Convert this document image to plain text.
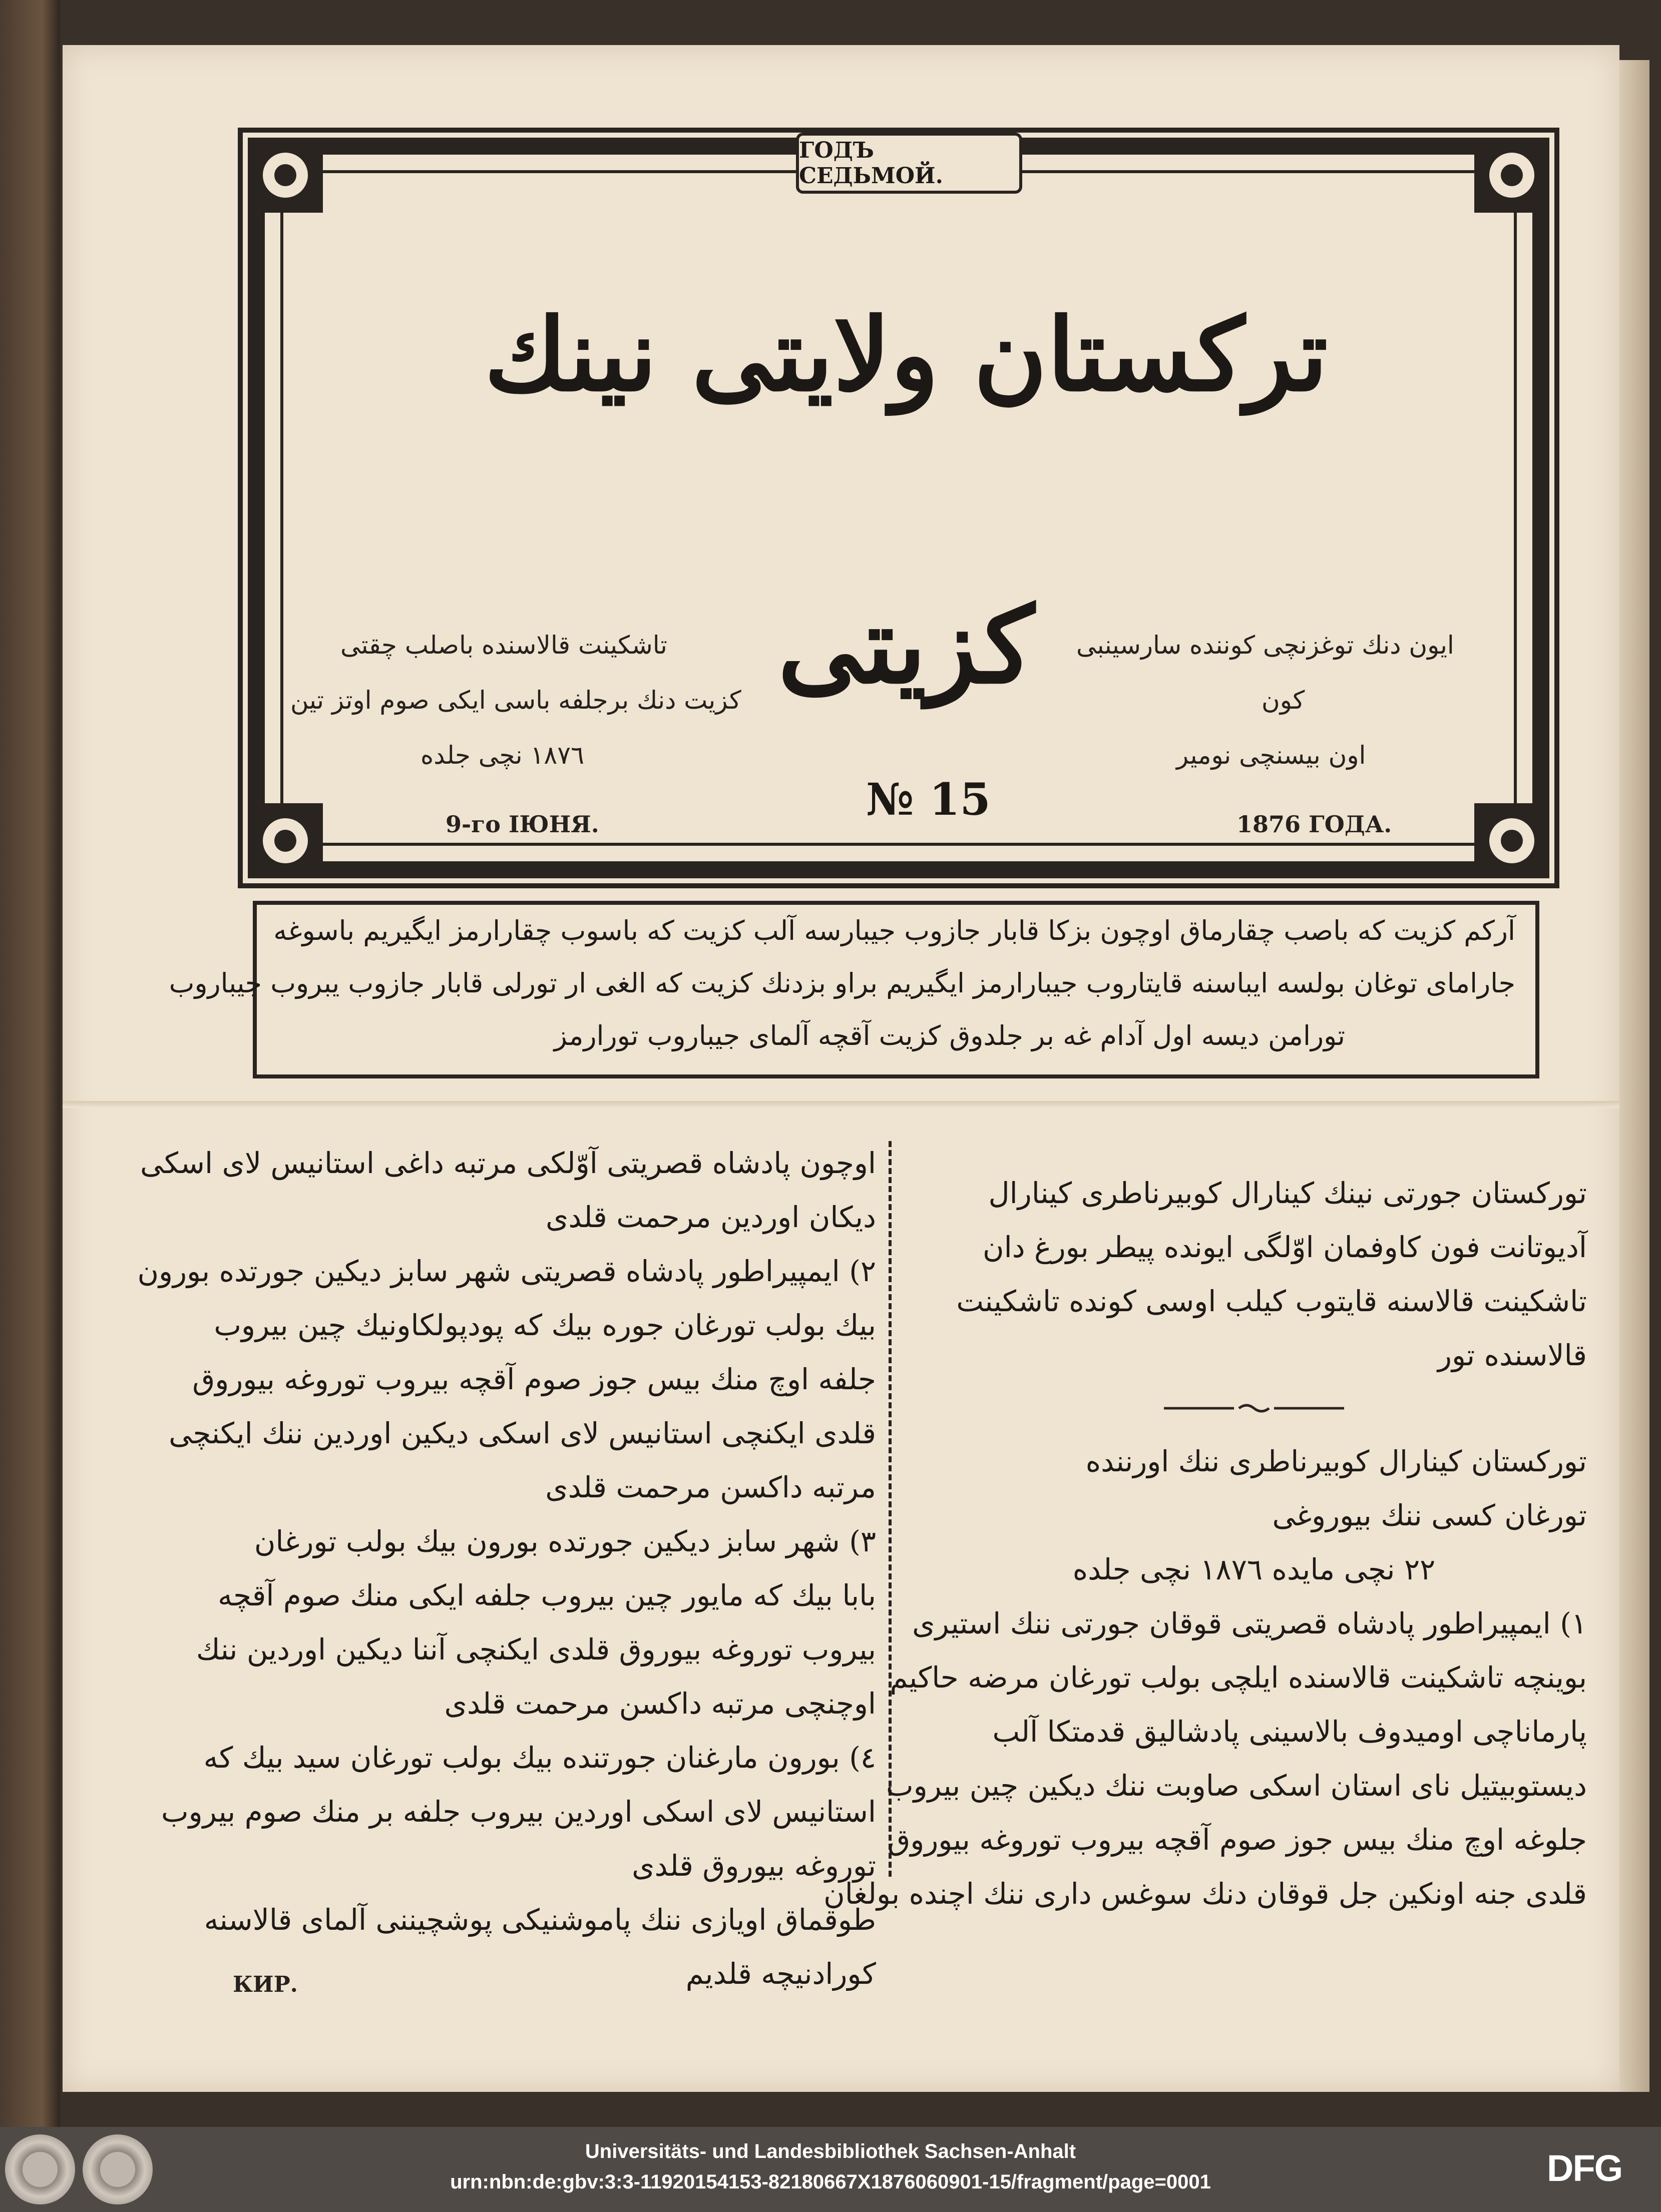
ГОДЪ СЕДЬМОЙ.
تركستان ولايتى نينك
كزيتى	ايون دنك توغزنچى كوننده سارسينبى
كون
اون بيسنچى نومير
تاشكينت قالاسنده باصلب چقتى
كزيت دنك برجلفه باسى ايكى صوم اوتز تين
١٨٧٦ نچى جلده
9-го ІЮНЯ.	№ 15	1876 ГОДА.
آركم كزيت كه باصب چقارماق اوچون بزكا قابار جازوب جيبارسه آلب كزيت كه باسوب چقارارمز ايگيريم باسوغه
جارامای توغان بولسه ايباسنه قايتاروب جيبارارمز ايگيريم براو بزدنك كزيت كه الغى ار تورلى قابار جازوب يبروب جيباروب
تورامن ديسه اول آدام غه بر جلدوق كزيت آقچه آلماى جيباروب تورارمز
توركستان جورتى نينك كينارال كوبيرناطرى كينارال
آديوتانت فون كاوفمان اوّلگى ايونده پيطر بورغ دان
تاشكينت قالاسنه قايتوب كيلب اوسى كونده تاشكينت
قالاسنده تور
توركستان كينارال كوبيرناطرى ننك اورننده
تورغان كسى ننك بيوروغى
٢٢ نچى مايده ١٨٧٦ نچى جلده
١) ايمپيراطور پادشاه قصريتى قوقان جورتى ننك استيرى
بوينچه تاشكينت قالاسنده ايلچى بولب تورغان مرضه حاكيم
پارماناچى اوميدوف بالاسينى پادشاليق قدمتكا آلب
ديستوبيتيل نای استان اسكى صاوبت ننك ديكين چين بيروب
جلوغه اوچ منك بيس جوز صوم آقچه بيروب توروغه بيوروق
قلدى جنه اونكين جل قوقان دنك سوغس دارى ننك اچنده بولغان
اوچون پادشاه قصريتى آوّلكى مرتبه داغى استانيس لاى اسكى
ديكان اوردين مرحمت قلدى
٢) ايمپيراطور پادشاه قصريتى شهر سابز ديكين جورتده بورون
بيك بولب تورغان جوره بيك كه پودپولكاونيك چين بيروب
جلفه اوچ منك بيس جوز صوم آقچه بيروب توروغه بيوروق
قلدى ايكنچى استانيس لاى اسكى ديكين اوردين ننك ايكنچى
مرتبه داكسن مرحمت قلدى
٣) شهر سابز ديكين جورتده بورون بيك بولب تورغان
بابا بيك كه مايور چين بيروب جلفه ايكى منك صوم آقچه
بيروب توروغه بيوروق قلدى ايكنچى آننا ديكين اوردين ننك
اوچنچى مرتبه داكسن مرحمت قلدى
٤) بورون مارغنان جورتنده بيك بولب تورغان سيد بيك كه
استانيس لاى اسكى اوردين بيروب جلفه بر منك صوم بيروب
توروغه بيوروق قلدى
طوقماق اويازى ننك پاموشنيكى پوشچيننى آلماى قالاسنه
كورادنيچه قلديم
КИР.
Universitäts- und Landesbibliothek Sachsen-Anhalt
urn:nbn:de:gbv:3:3-11920154153-82180667X1876060901-15/fragment/page=0001	DFG
